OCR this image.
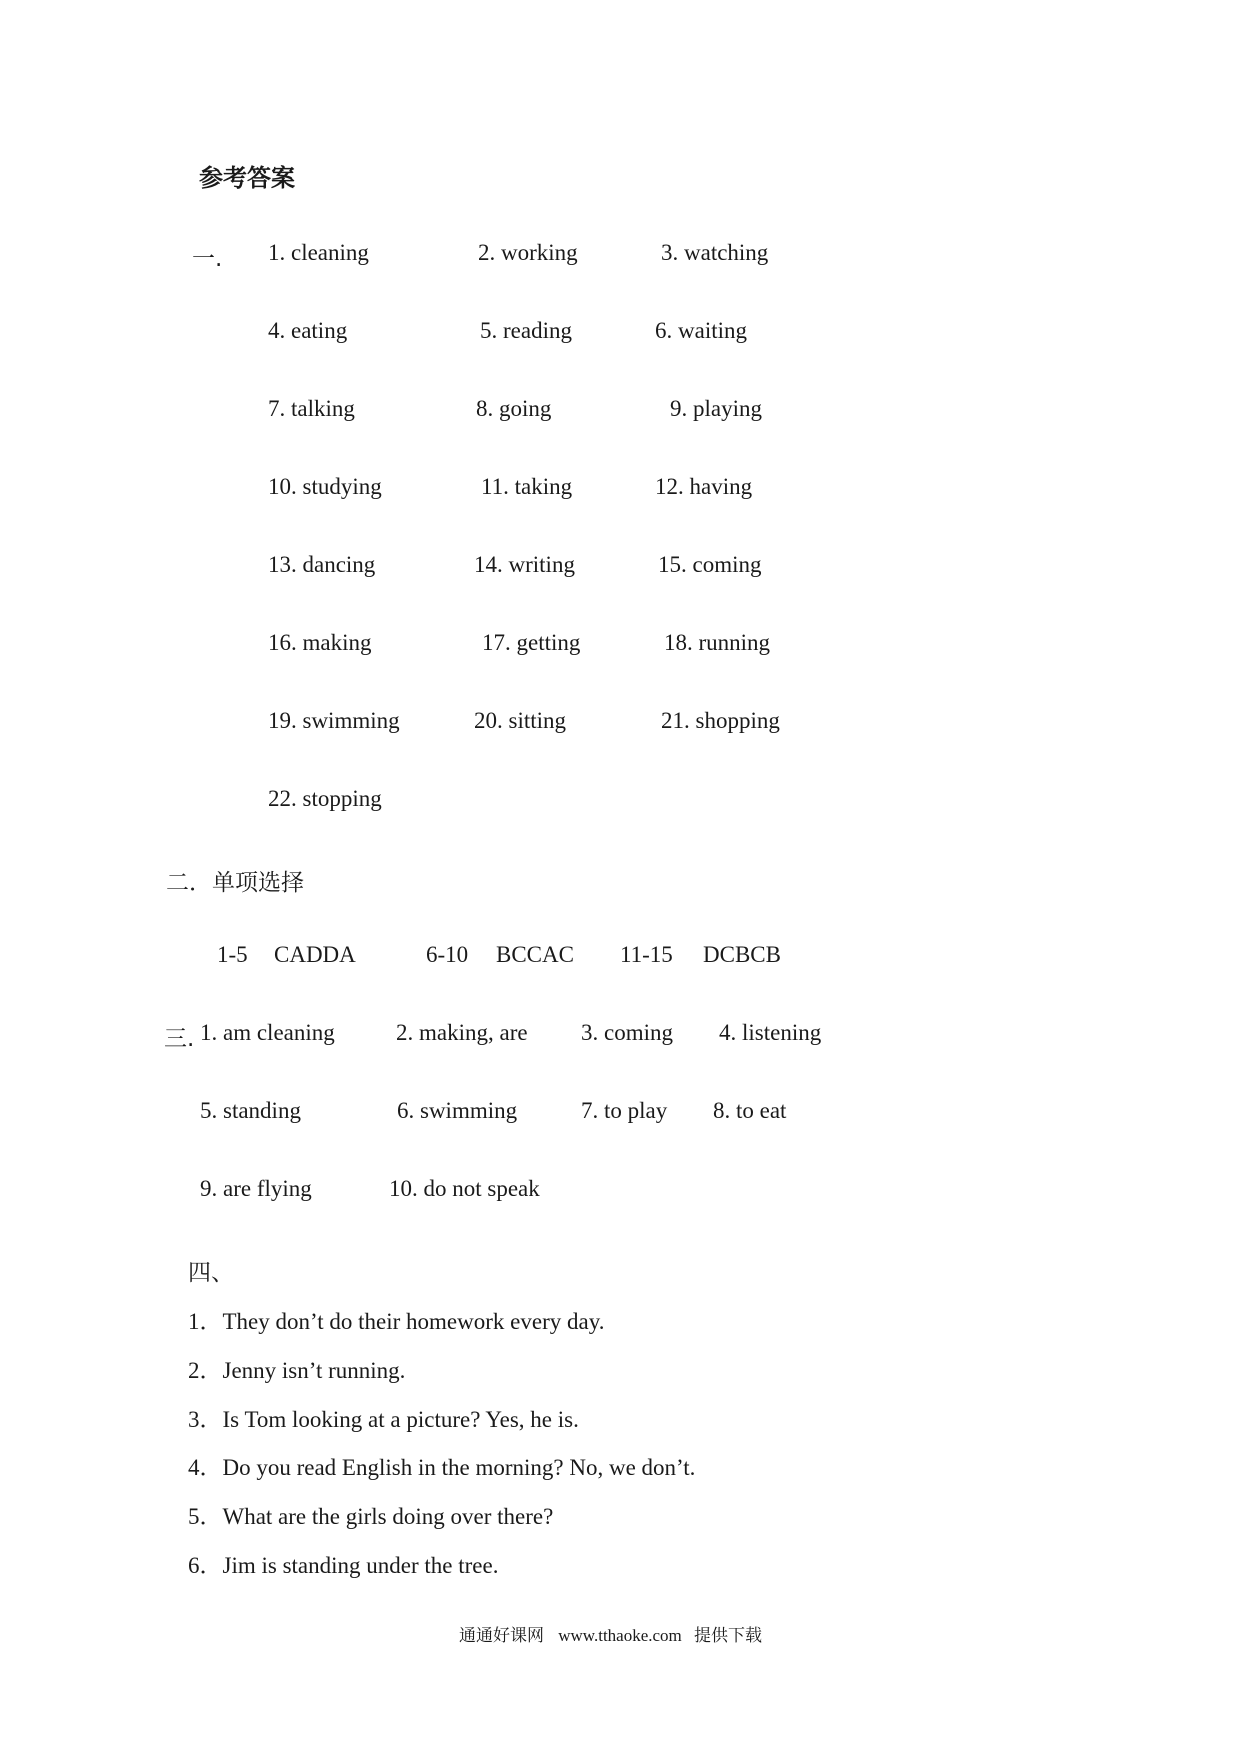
参考答案
一. 1. cleaning	2. working	3. watching
4. eating	5. reading	6. waiting
7. talking	8. going	9. playing
10. studying	11. taking	12. having
13. dancing	14. writing	15. coming
16. making	17. getting	18. running
19. swimming	20. sitting	21. shopping
22. stopping
二．单项选择
1-5 CADDA	6-10 BCCAC 11-15 DCBCB
三. 1. am cleaning	2. making, are 3. coming 4. listening
5. standing	6. swimming	7. to play 8. to eat
9. are flying	10. do not speak
四、
1．They don’t do their homework every day.
2．Jenny isn’t running.
3．Is Tom looking at a picture? Yes, he is.
4．Do you read English in the morning? No, we don’t.
5．What are the girls doing over there?
6．Jim is standing under the tree.
通通好课网 www.tthaoke.com 提供下载
